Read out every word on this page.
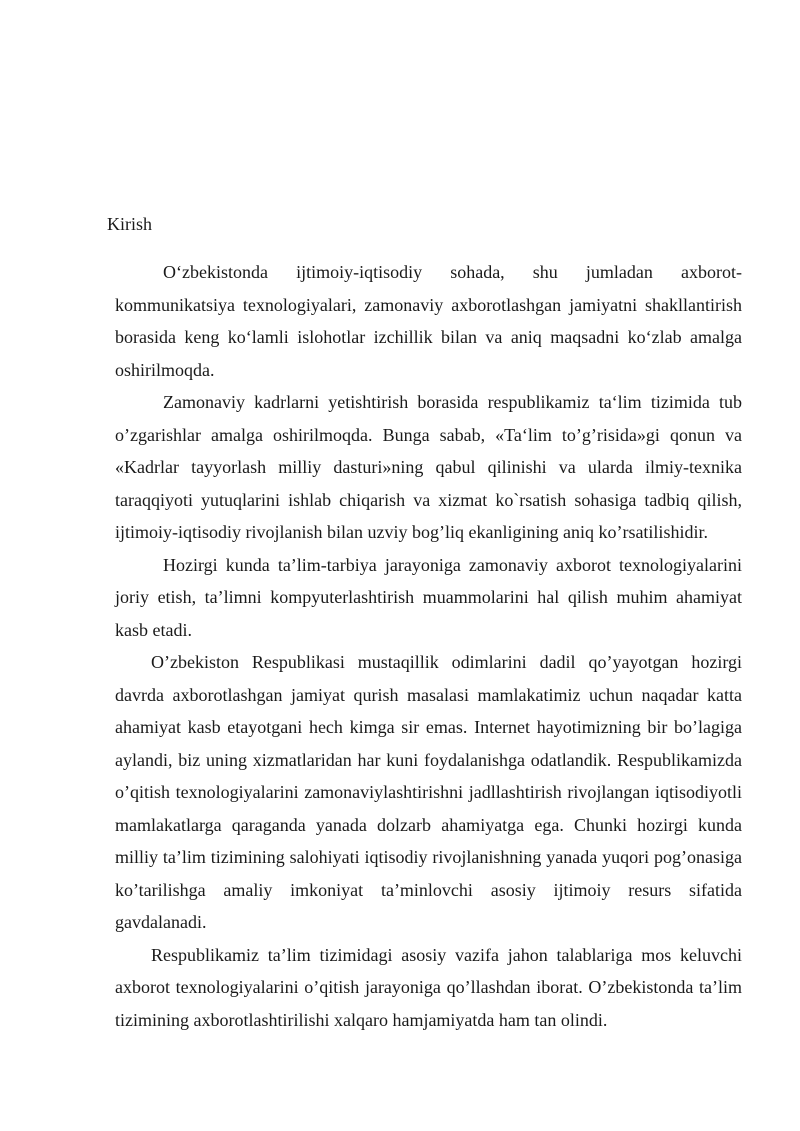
Kirish

O‘zbekistonda ijtimoiy-iqtisodiy sohada, shu jumladan axborot-kommunikatsiya texnologiyalari, zamonaviy axborotlashgan jamiyatni shakllantirish borasida keng ko‘lamli islohotlar izchillik bilan va aniq maqsadni ko‘zlab amalga oshirilmoqda.

Zamonaviy kadrlarni yetishtirish borasida respublikamiz ta‘lim tizimida tub o’zgarishlar amalga oshirilmoqda. Bunga sabab, «Ta‘lim to’g’risida»gi qonun va «Kadrlar tayyorlash milliy dasturi»ning qabul qilinishi va ularda ilmiy-texnika taraqqiyoti yutuqlarini ishlab chiqarish va xizmat ko`rsatish sohasiga tadbiq qilish, ijtimoiy-iqtisodiy rivojlanish bilan uzviy bog’liq ekanligining aniq ko’rsatilishidir.

Hozirgi kunda ta’lim-tarbiya jarayoniga zamonaviy axborot texnologiyalarini joriy etish, ta’limni kompyuterlashtirish muammolarini hal qilish muhim ahamiyat kasb etadi.

O’zbekiston Respublikasi mustaqillik odimlarini dadil qo’yayotgan hozirgi davrda axborotlashgan jamiyat qurish masalasi mamlakatimiz uchun naqadar katta ahamiyat kasb etayotgani hech kimga sir emas. Internet hayotimizning bir bo’lagiga aylandi, biz uning xizmatlaridan har kuni foydalanishga odatlandik. Respublikamizda o’qitish texnologiyalarini zamonaviylashtirishni jadllashtirish rivojlangan iqtisodiyotli mamlakatlarga qaraganda yanada dolzarb ahamiyatga ega. Chunki hozirgi kunda milliy ta’lim tizimining salohiyati iqtisodiy rivojlanishning yanada yuqori pog’onasiga ko’tarilishga amaliy imkoniyat ta’minlovchi asosiy ijtimoiy resurs sifatida gavdalanadi.

Respublikamiz ta’lim tizimidagi asosiy vazifa jahon talablariga mos keluvchi axborot texnologiyalarini o’qitish jarayoniga qo’llashdan iborat. O’zbekistonda ta’lim tizimining axborotlashtirilishi xalqaro hamjamiyatda ham tan olindi.
